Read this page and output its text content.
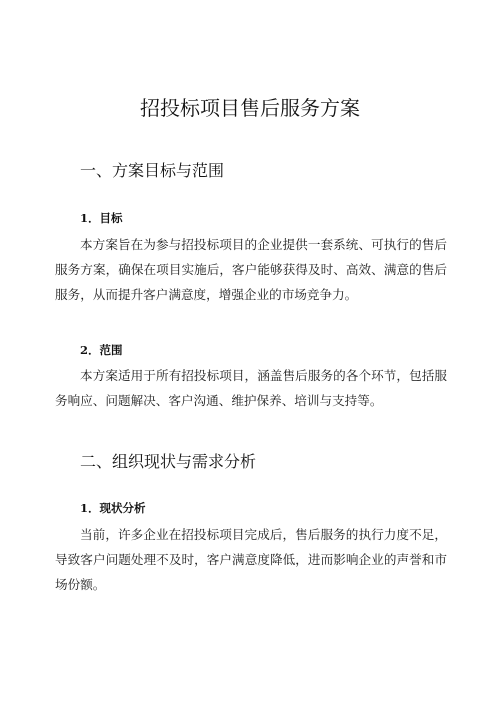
招投标项目售后服务方案
一、方案目标与范围
1．目标

本方案旨在为参与招投标项目的企业提供一套系统、可执行的售后服务方案，确保在项目实施后，客户能够获得及时、高效、满意的售后服务，从而提升客户满意度，增强企业的市场竞争力。

2．范围

本方案适用于所有招投标项目，涵盖售后服务的各个环节，包括服务响应、问题解决、客户沟通、维护保养、培训与支持等。

二、组织现状与需求分析
1．现状分析

当前，许多企业在招投标项目完成后，售后服务的执行力度不足，导致客户问题处理不及时，客户满意度降低，进而影响企业的声誉和市场份额。
